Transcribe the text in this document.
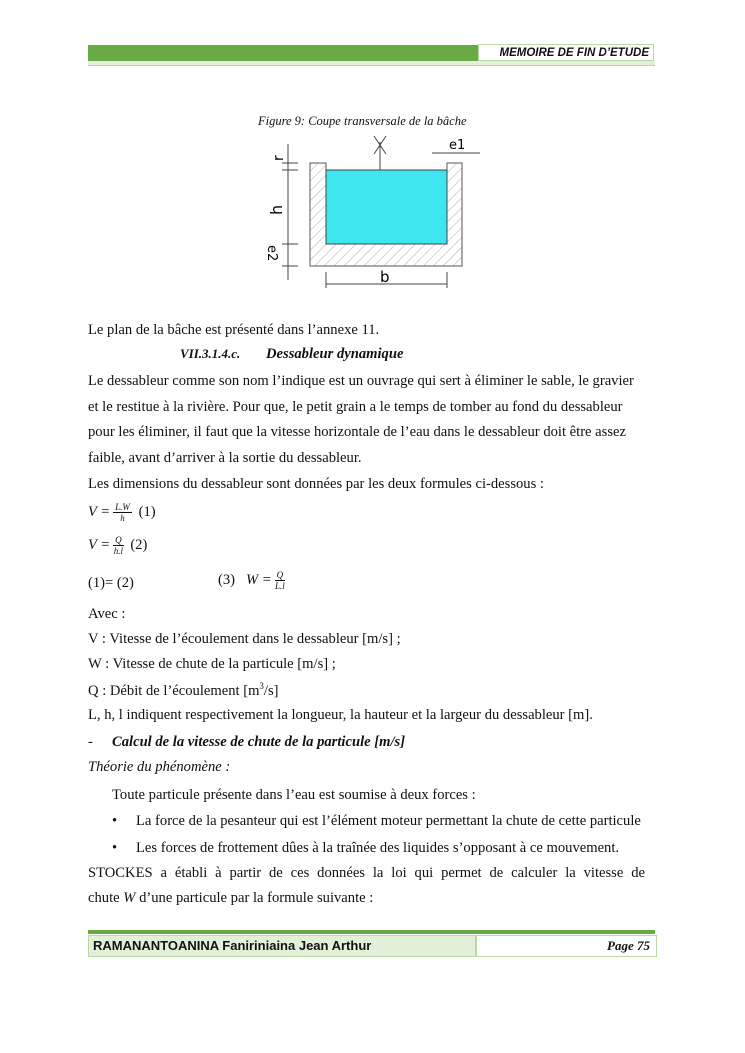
MEMOIRE DE FIN D’ETUDE
Figure 9: Coupe transversale de la bâche
r
h
e2
b
e1
Le plan de la bâche est présenté dans l’annexe 11.
VII.3.1.4.c. Dessableur dynamique
Le dessableur comme son nom l’indique est un ouvrage qui sert à éliminer le sable, le gravier
et le restitue à la rivière. Pour que, le petit grain a le temps de tomber au fond du dessableur
pour les éliminer, il faut que la vitesse horizontale de l’eau dans le dessableur doit être assez
faible, avant d’arriver à la sortie du dessableur.
Les dimensions du dessableur sont données par les deux formules ci-dessous :
$V = \frac{L.W}{h} (1)$
$V = \frac{Q}{h.l} (2)$
(1)= (2)	(3) $W = \frac{Q}{L.l}$
Avec :
V : Vitesse de l’écoulement dans le dessableur [m/s] ;
W : Vitesse de chute de la particule [m/s] ;
Q : Débit de l’écoulement $[m^3/s]$
L, h, l indiquent respectivement la longueur, la hauteur et la largeur du dessableur [m].
- Calcul de la vitesse de chute de la particule [m/s]
Théorie du phénomène :
Toute particule présente dans l’eau est soumise à deux forces :
• La force de la pesanteur qui est l’élément moteur permettant la chute de cette particule
• Les forces de frottement dûes à la traînée des liquides s’opposant à ce mouvement.
STOCKES a établi à partir de ces données la loi qui permet de calculer la vitesse de
chute W d’une particule par la formule suivante :
RAMANANTOANINA Faniriniaina Jean Arthur	Page 75
